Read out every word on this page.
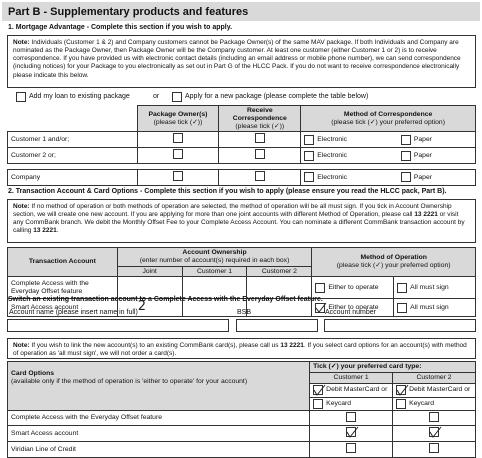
Part B - Supplementary products and features
1. Mortgage Advantage - Complete this section if you wish to apply.
Note: Individuals (Customer 1 & 2) and Company customers cannot be Package Owner(s) of the same MAV package. If both Individuals and Company are nominated as the Package Owner, then Package Owner will be the Company customer. At least one customer (either Customer 1 or 2) is to receive correspondence. If you have provided us with electronic contact details (including an email address or mobile phone number), we can send correspondence (including notices) for your Package to you electronically as set out in Part G of the HLCC Pack. If you do not want to receive correspondence electronically please indicate this below.
Add my loan to existing package	or	Apply for a new package (please complete the table below)
	Package Owner(s)
(please tick (✓))	Receive Correspondence
(please tick (✓))	Method of Correspondence
(please tick (✓) your preferred option)
Customer 1 and/or;			Electronic Paper

Customer 2 or;			Electronic Paper

Company			Electronic Paper
2. Transaction Account & Card Options - Complete this section if you wish to apply (please ensure you read the HLCC pack, Part B).
Note: If no method of operation or both methods of operation are selected, the method of operation will be all must sign. If you tick in Account Ownership section, we will create one new account. If you are applying for more than one joint accounts with different Method of Operation, please call 13 2221 or visit any CommBank branch. We debit the Monthly Offset Fee to your Complete Access Account. You can nominate a different CommBank transaction account by calling 13 2221.
Transaction Account	Account Ownership
(enter number of account(s) required in each box)			Method of Operation
(please tick (✓) your preferred option)	
	Joint	Customer 1	Customer 2		
Complete Access with the Everyday Offset feature				Either to operate	All must sign

Smart Access account	2			Either to operate	All must sign
Switch an existing transaction account to a Complete Access with the Everyday Offset feature.
Account name (please insert name in full)	BSB	Account number
Note: If you wish to link the new account(s) to an existing CommBank card(s), please call us 13 2221. If you select card options for an account(s) with method of operation as 'all must sign', we will not order a card(s).
Card Options
(available only if the method of operation is 'either to operate' for your account)	Tick (✓) your preferred card type:	
	Customer 1	Customer 2

	Debit MasterCard or	Debit MasterCard or

	Keycard	Keycard

Complete Access with the Everyday Offset feature		
Smart Access account	

Viridian Line of Credit		
